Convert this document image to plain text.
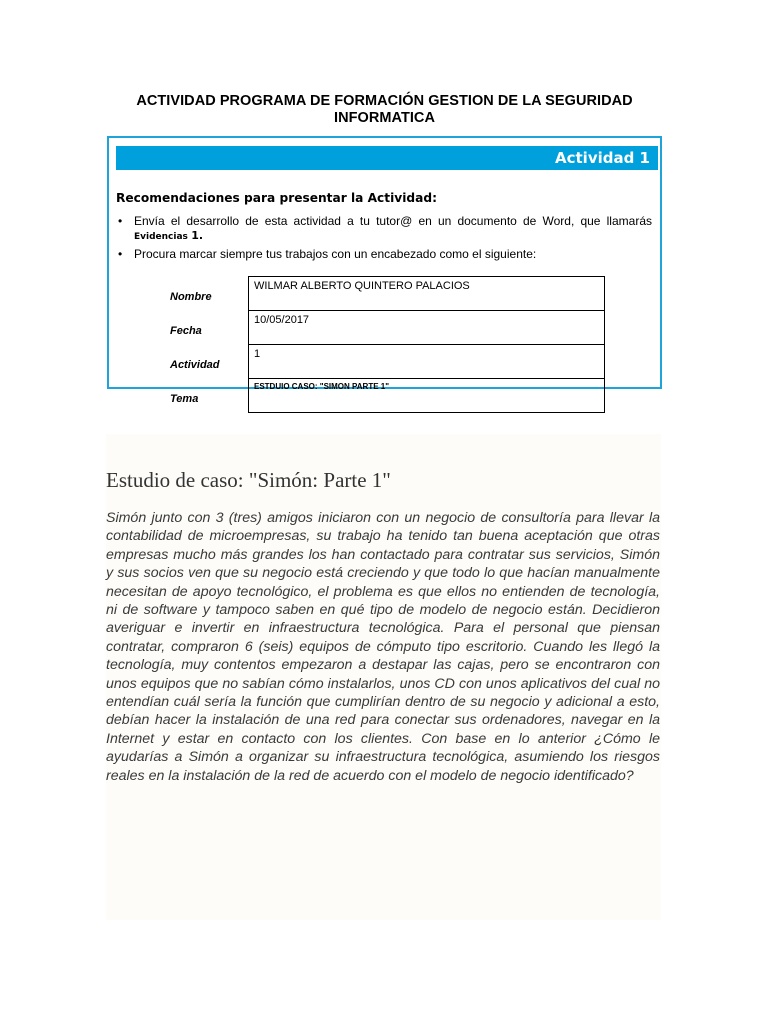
ACTIVIDAD PROGRAMA DE FORMACIÓN GESTION DE LA SEGURIDAD INFORMATICA
Actividad 1
Recomendaciones para presentar la Actividad:
• Envía el desarrollo de esta actividad a tu tutor@ en un documento de Word, que llamarás Evidencias 1.
• Procura marcar siempre tus trabajos con un encabezado como el siguiente:
Nombre	WILMAR ALBERTO QUINTERO PALACIOS
Fecha	10/05/2017
Actividad	1
Tema	ESTDUIO CASO: "SIMON PARTE 1"
Estudio de caso: "Simón: Parte 1"

Simón junto con 3 (tres) amigos iniciaron con un negocio de consultoría para llevar la contabilidad de microempresas, su trabajo ha tenido tan buena aceptación que otras empresas mucho más grandes los han contactado para contratar sus servicios, Simón y sus socios ven que su negocio está creciendo y que todo lo que hacían manualmente necesitan de apoyo tecnológico, el problema es que ellos no entienden de tecnología, ni de software y tampoco saben en qué tipo de modelo de negocio están. Decidieron averiguar e invertir en infraestructura tecnológica. Para el personal que piensan contratar, compraron 6 (seis) equipos de cómputo tipo escritorio. Cuando les llegó la tecnología, muy contentos empezaron a destapar las cajas, pero se encontraron con unos equipos que no sabían cómo instalarlos, unos CD con unos aplicativos del cual no entendían cuál sería la función que cumplirían dentro de su negocio y adicional a esto, debían hacer la instalación de una red para conectar sus ordenadores, navegar en la Internet y estar en contacto con los clientes. Con base en lo anterior ¿Cómo le ayudarías a Simón a organizar su infraestructura tecnológica, asumiendo los riesgos reales en la instalación de la red de acuerdo con el modelo de negocio identificado?
